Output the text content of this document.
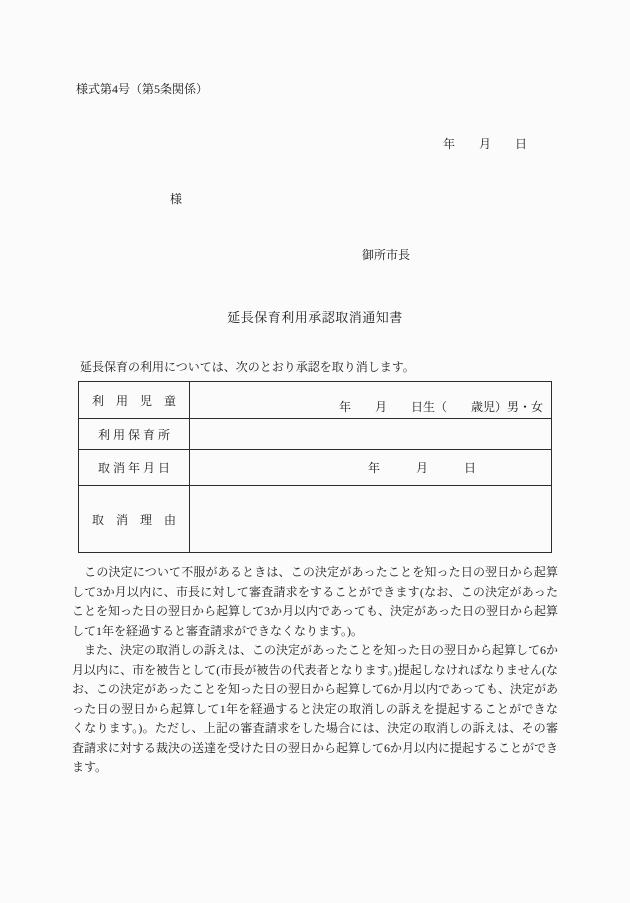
様式第4号（第5条関係）
年　　月　　日
様
御所市長
延長保育利用承認取消通知書
　延長保育の利用については、次のとおり承認を取り消します。
利　用　児　童	年　　月　　日生（　　歳児）男・女
利 用 保 育 所	
取 消 年 月 日	年　　　月　　　日
取　消　理　由	

　この決定について不服があるときは、この決定があったことを知った日の翌日から起算して3か月以内に、市長に対して審査請求をすることができます(なお、この決定があったことを知った日の翌日から起算して3か月以内であっても、決定があった日の翌日から起算して1年を経過すると審査請求ができなくなります。)。

　また、決定の取消しの訴えは、この決定があったことを知った日の翌日から起算して6か月以内に、市を被告として(市長が被告の代表者となります。)提起しなければなりません(なお、この決定があったことを知った日の翌日から起算して6か月以内であっても、決定があった日の翌日から起算して1年を経過すると決定の取消しの訴えを提起することができなくなります。)。ただし、上記の審査請求をした場合には、決定の取消しの訴えは、その審査請求に対する裁決の送達を受けた日の翌日から起算して6か月以内に提起することができます。
